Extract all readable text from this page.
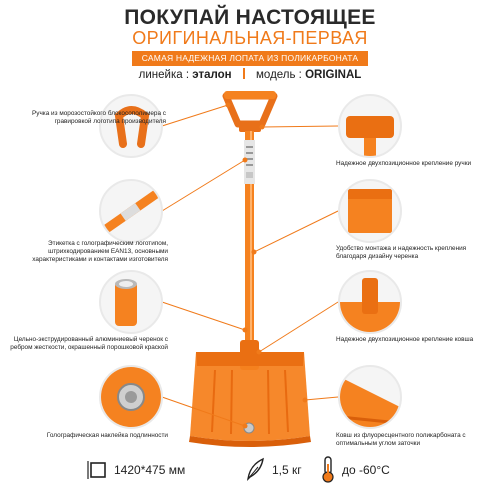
ПОКУПАЙ НАСТОЯЩЕЕ
ОРИГИНАЛЬНАЯ-ПЕРВАЯ
САМАЯ НАДЕЖНАЯ ЛОПАТА ИЗ ПОЛИКАРБОНАТА
линейка : эталон модель : ORIGINAL
Ручка из морозостойкого блокосополимера с гравировкой логотипа производителя
Этикетка с голографическим логотипом, штрихкодированием EAN13, основными характеристиками и контактами изготовителя
Цельно-экструдированный алюминиевый черенок с ребром жесткости, окрашенный порошковой краской
Голографическая наклейка подлинности
Надежное двухпозиционное крепление ручки
Удобство монтажа и надежность крепления благодаря дизайну черенка
Надежное двухпозиционное крепление ковша
Ковш из флуоресцентного поликарбоната с оптимальным углом заточки
1420*475 мм	1,5 кг	до -60°C
